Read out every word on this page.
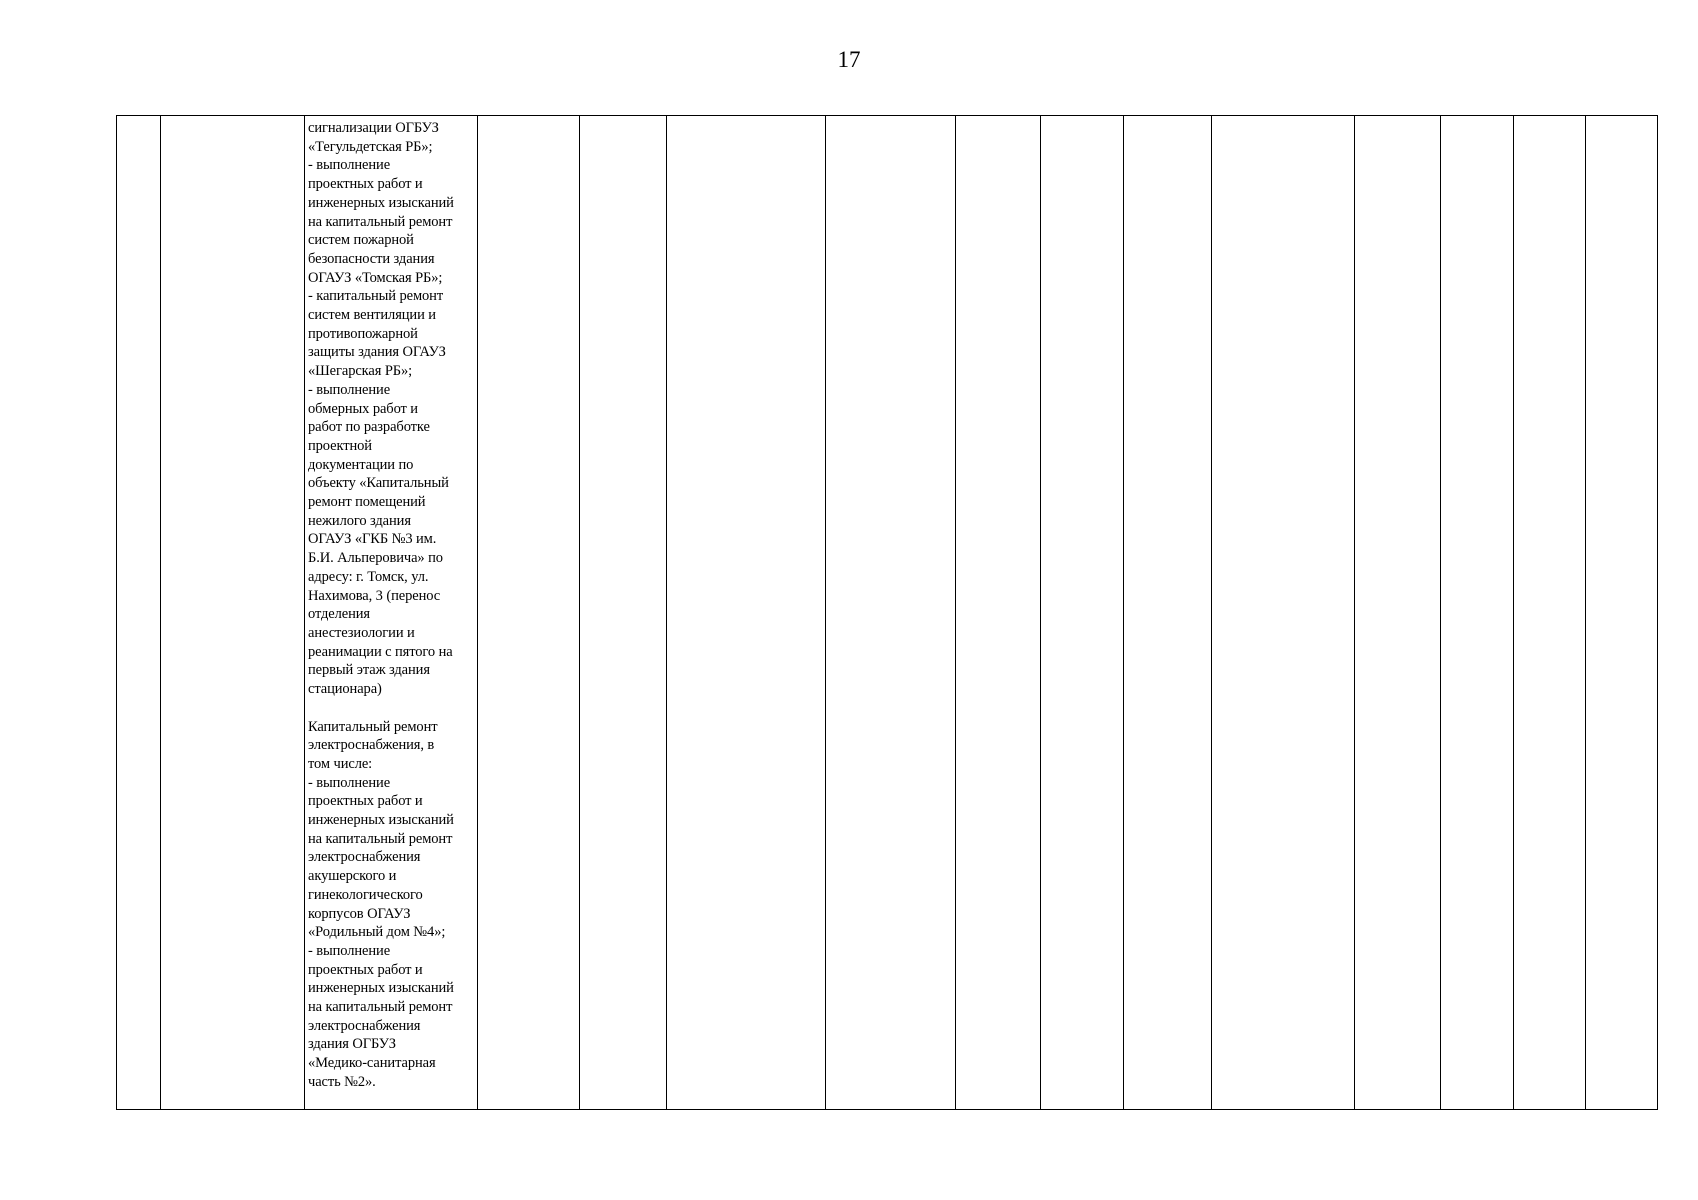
17

сигнализации ОГБУЗ
«Тегульдетская РБ»;
- выполнение
проектных работ и
инженерных изысканий
на капитальный ремонт
систем пожарной
безопасности здания
ОГАУЗ «Томская РБ»;
- капитальный ремонт
систем вентиляции и
противопожарной
защиты здания ОГАУЗ
«Шегарская РБ»;
- выполнение
обмерных работ и
работ по разработке
проектной
документации по
объекту «Капитальный
ремонт помещений
нежилого здания
ОГАУЗ «ГКБ №3 им.
Б.И. Альперовича» по
адресу: г. Томск, ул.
Нахимова, 3 (перенос
отделения
анестезиологии и
реанимации с пятого на
первый этаж здания
стационара)

Капитальный ремонт
электроснабжения, в
том числе:
- выполнение
проектных работ и
инженерных изысканий
на капитальный ремонт
электроснабжения
акушерского и
гинекологического
корпусов ОГАУЗ
«Родильный дом №4»;
- выполнение
проектных работ и
инженерных изысканий
на капитальный ремонт
электроснабжения
здания ОГБУЗ
«Медико-санитарная
часть №2».
